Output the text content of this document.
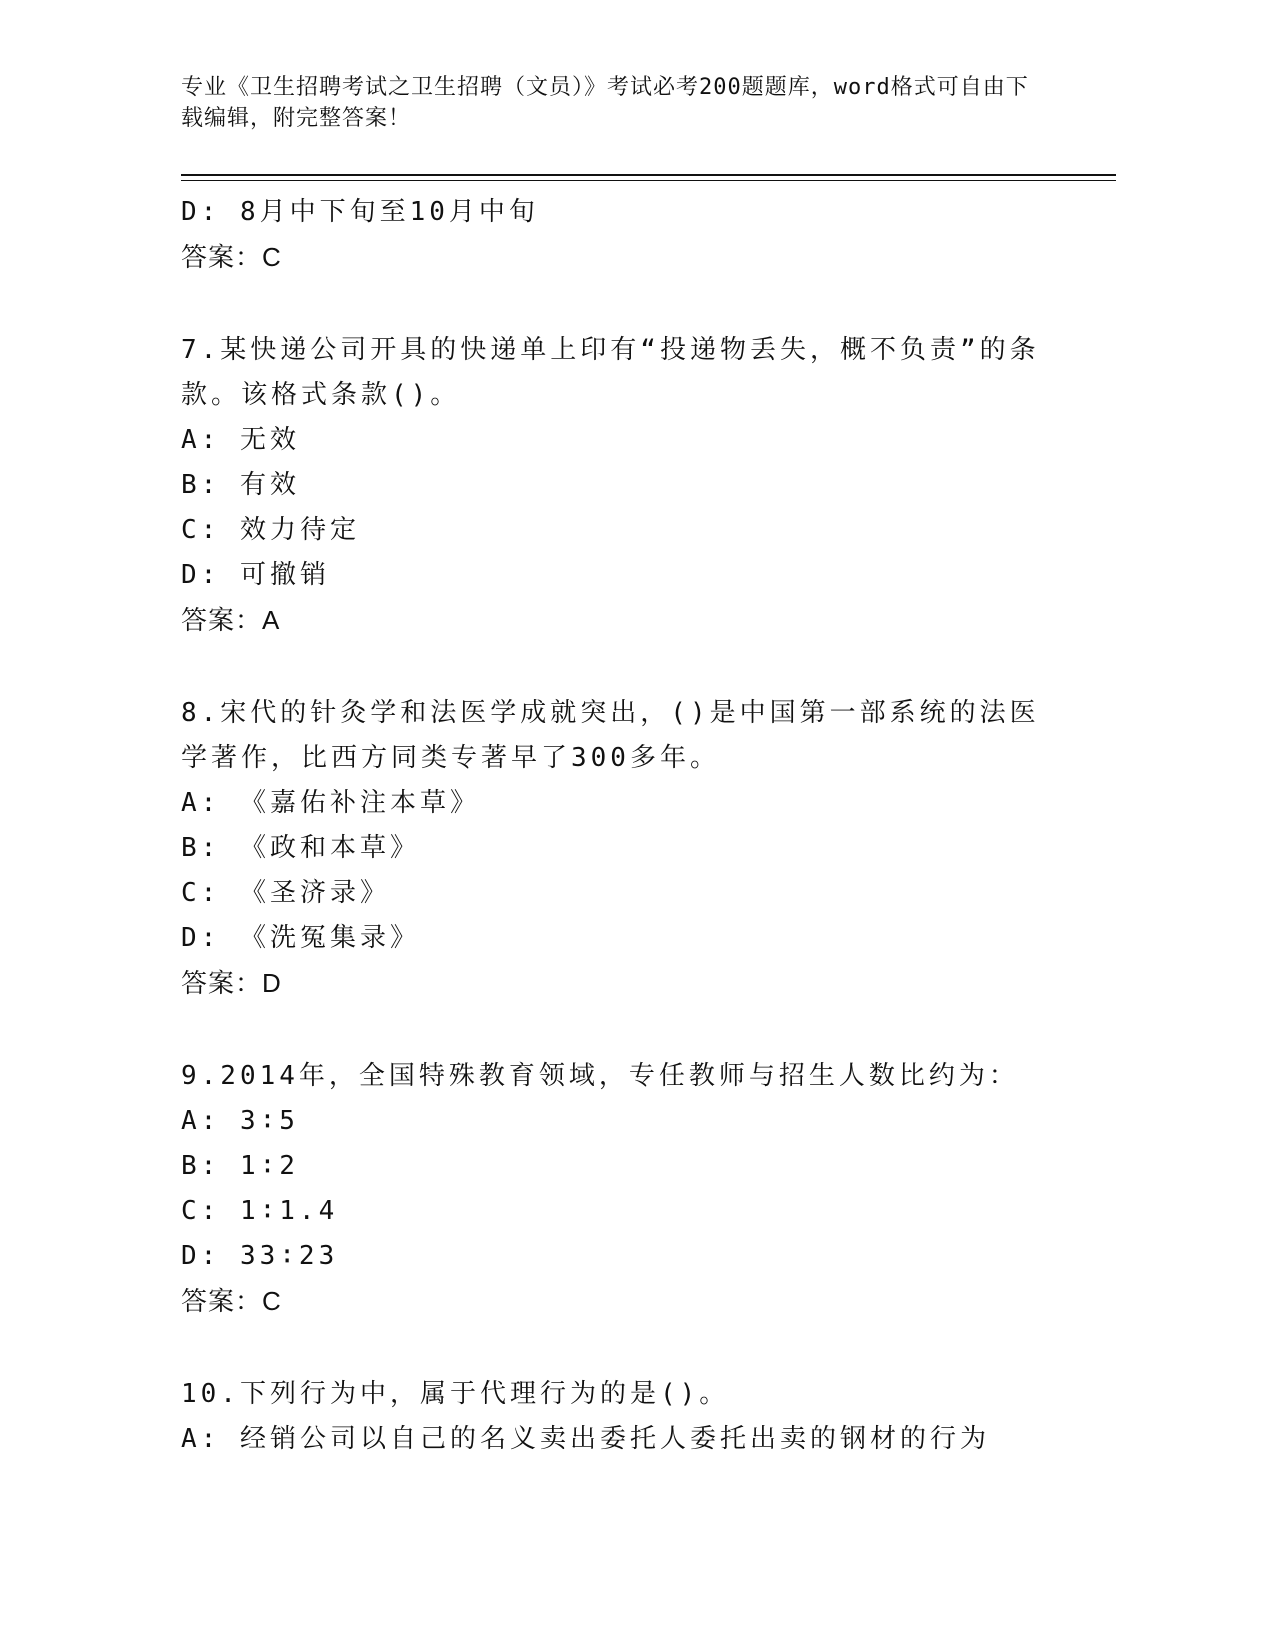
专业《卫生招聘考试之卫生招聘（文员）》考试必考200题题库，word格式可自由下载编辑，附完整答案！
D: 8月中下旬至10月中旬
答案：C
7.某快递公司开具的快递单上印有“投递物丢失，概不负责”的条款。该格式条款()。
A: 无效
B: 有效
C: 效力待定
D: 可撤销
答案：A
8.宋代的针灸学和法医学成就突出，()是中国第一部系统的法医学著作，比西方同类专著早了300多年。
A: 《嘉佑补注本草》
B: 《政和本草》
C: 《圣济录》
D: 《洗冤集录》
答案：D
9.2014年，全国特殊教育领域，专任教师与招生人数比约为：
A: 3∶5
B: 1∶2
C: 1∶1.4
D: 33∶23
答案：C
10.下列行为中，属于代理行为的是()。
A: 经销公司以自己的名义卖出委托人委托出卖的钢材的行为
